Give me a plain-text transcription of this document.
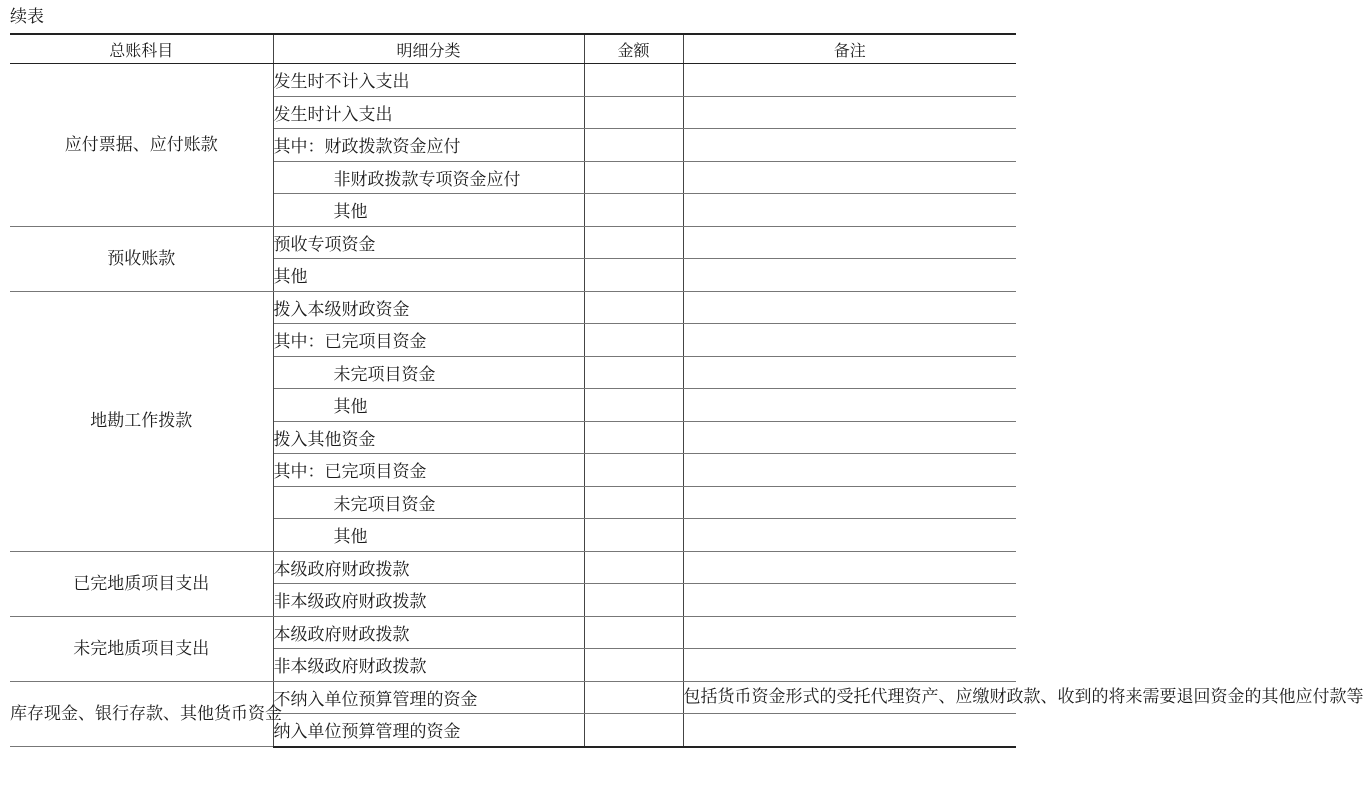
续表
总账科目	明细分类	金额	备注
应付票据、应付账款	发生时不计入支出		
	发生时计入支出		
	其中：财政拨款资金应付		
	非财政拨款专项资金应付		
	其他		
预收账款	预收专项资金		
	其他		
地勘工作拨款	拨入本级财政资金		
	其中：已完项目资金		
	未完项目资金		
	其他		
	拨入其他资金		
	其中：已完项目资金		
	未完项目资金		
	其他		
已完地质项目支出	本级政府财政拨款		
	非本级政府财政拨款		
未完地质项目支出	本级政府财政拨款		
	非本级政府财政拨款		
库存现金、银行存款、其他货币资金	不纳入单位预算管理的资金		包括货币资金形式的受托代理资产、应缴财政款、收到的将来需要退回资金的其他应付款等
	纳入单位预算管理的资金		
